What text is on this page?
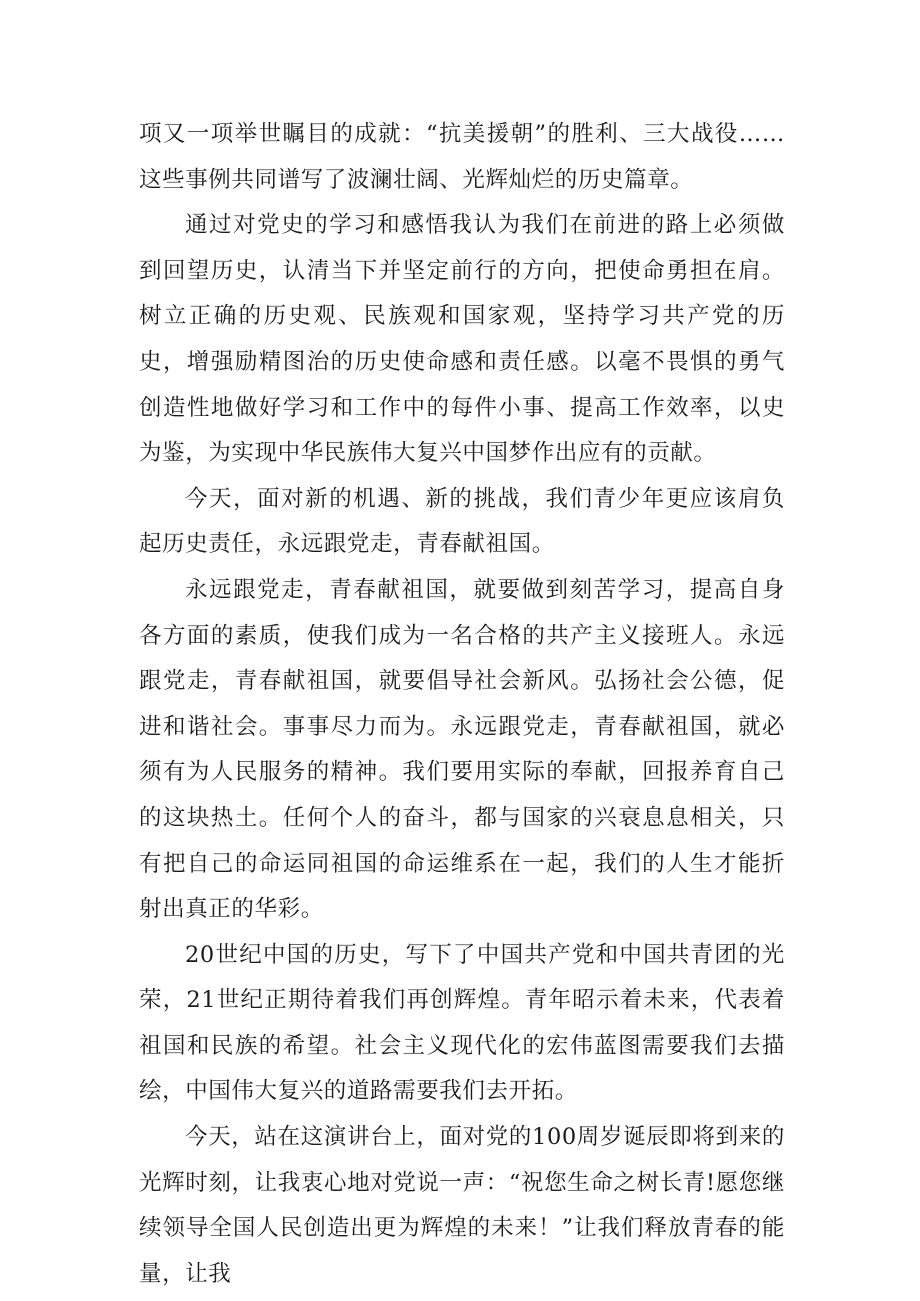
项又一项举世瞩目的成就：“抗美援朝”的胜利、三大战役……这些事例共同谱写了波澜壮阔、光辉灿烂的历史篇章。

通过对党史的学习和感悟我认为我们在前进的路上必须做到回望历史，认清当下并坚定前行的方向，把使命勇担在肩。树立正确的历史观、民族观和国家观，坚持学习共产党的历史，增强励精图治的历史使命感和责任感。以毫不畏惧的勇气创造性地做好学习和工作中的每件小事、提高工作效率，以史为鉴，为实现中华民族伟大复兴中国梦作出应有的贡献。

今天，面对新的机遇、新的挑战，我们青少年更应该肩负起历史责任，永远跟党走，青春献祖国。

永远跟党走，青春献祖国，就要做到刻苦学习，提高自身各方面的素质，使我们成为一名合格的共产主义接班人。永远跟党走，青春献祖国，就要倡导社会新风。弘扬社会公德，促进和谐社会。事事尽力而为。永远跟党走，青春献祖国，就必须有为人民服务的精神。我们要用实际的奉献，回报养育自己的这块热土。任何个人的奋斗，都与国家的兴衰息息相关，只有把自己的命运同祖国的命运维系在一起，我们的人生才能折射出真正的华彩。

20世纪中国的历史，写下了中国共产党和中国共青团的光荣，21世纪正期待着我们再创辉煌。青年昭示着未来，代表着祖国和民族的希望。社会主义现代化的宏伟蓝图需要我们去描绘，中国伟大复兴的道路需要我们去开拓。

今天，站在这演讲台上，面对党的100周岁诞辰即将到来的光辉时刻，让我衷心地对党说一声：“祝您生命之树长青!愿您继续领导全国人民创造出更为辉煌的未来！”让我们释放青春的能量，让我
